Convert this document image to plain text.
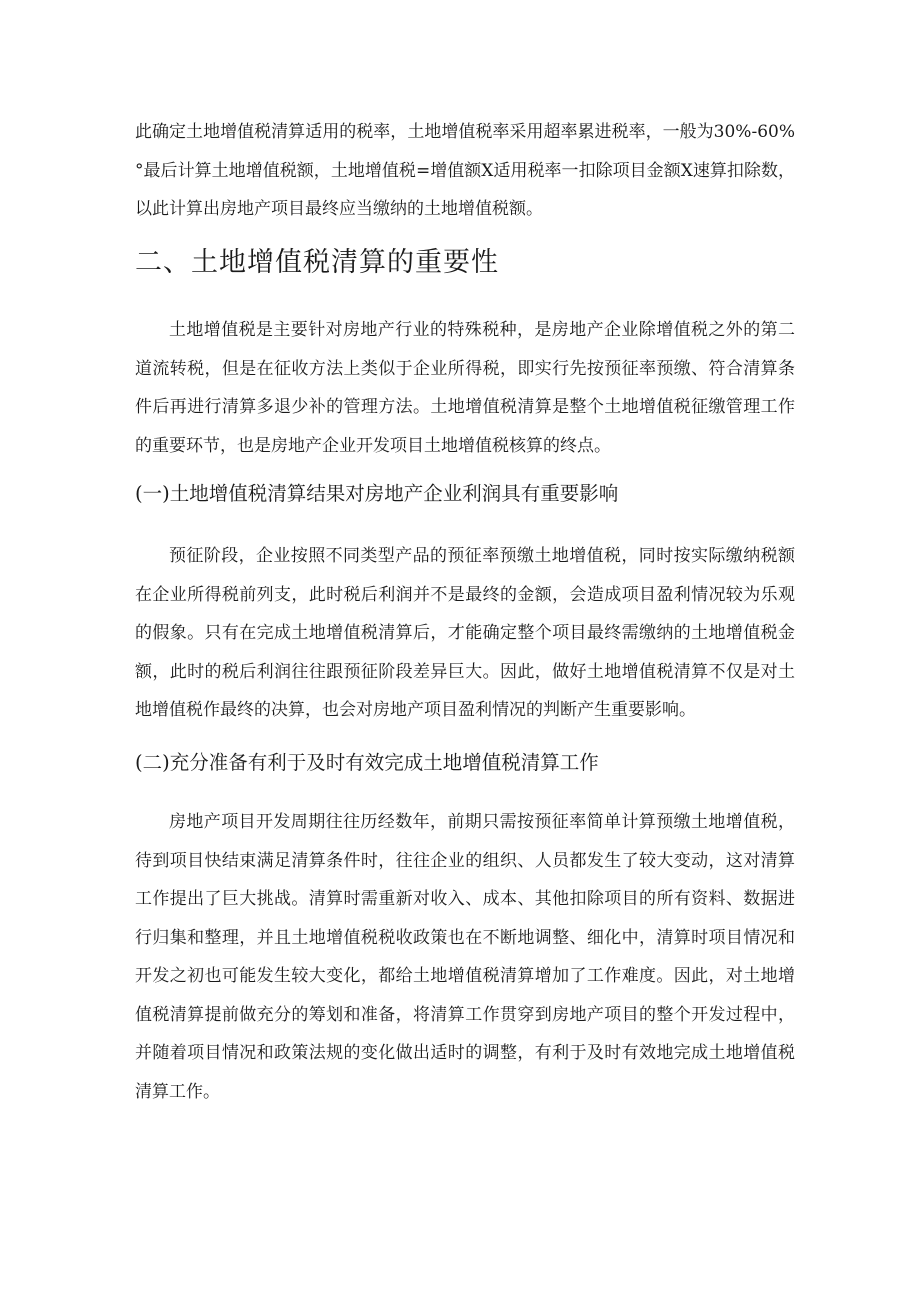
此确定土地增值税清算适用的税率，土地增值税率采用超率累进税率，一般为30%-60%°最后计算土地增值税额，土地增值税=增值额X适用税率一扣除项目金额X速算扣除数，以此计算出房地产项目最终应当缴纳的土地增值税额。

二、土地增值税清算的重要性

土地增值税是主要针对房地产行业的特殊税种，是房地产企业除增值税之外的第二道流转税，但是在征收方法上类似于企业所得税，即实行先按预征率预缴、符合清算条件后再进行清算多退少补的管理方法。土地增值税清算是整个土地增值税征缴管理工作的重要环节，也是房地产企业开发项目土地增值税核算的终点。

(一)土地增值税清算结果对房地产企业利润具有重要影响

预征阶段，企业按照不同类型产品的预征率预缴土地增值税，同时按实际缴纳税额在企业所得税前列支，此时税后利润并不是最终的金额，会造成项目盈利情况较为乐观的假象。只有在完成土地增值税清算后，才能确定整个项目最终需缴纳的土地增值税金额，此时的税后利润往往跟预征阶段差异巨大。因此，做好土地增值税清算不仅是对土地增值税作最终的决算，也会对房地产项目盈利情况的判断产生重要影响。

(二)充分准备有利于及时有效完成土地增值税清算工作

房地产项目开发周期往往历经数年，前期只需按预征率简单计算预缴土地增值税，待到项目快结束满足清算条件时，往往企业的组织、人员都发生了较大变动，这对清算工作提出了巨大挑战。清算时需重新对收入、成本、其他扣除项目的所有资料、数据进行归集和整理，并且土地增值税税收政策也在不断地调整、细化中，清算时项目情况和开发之初也可能发生较大变化，都给土地增值税清算增加了工作难度。因此，对土地增值税清算提前做充分的筹划和准备，将清算工作贯穿到房地产项目的整个开发过程中，并随着项目情况和政策法规的变化做出适时的调整，有利于及时有效地完成土地增值税清算工作。
